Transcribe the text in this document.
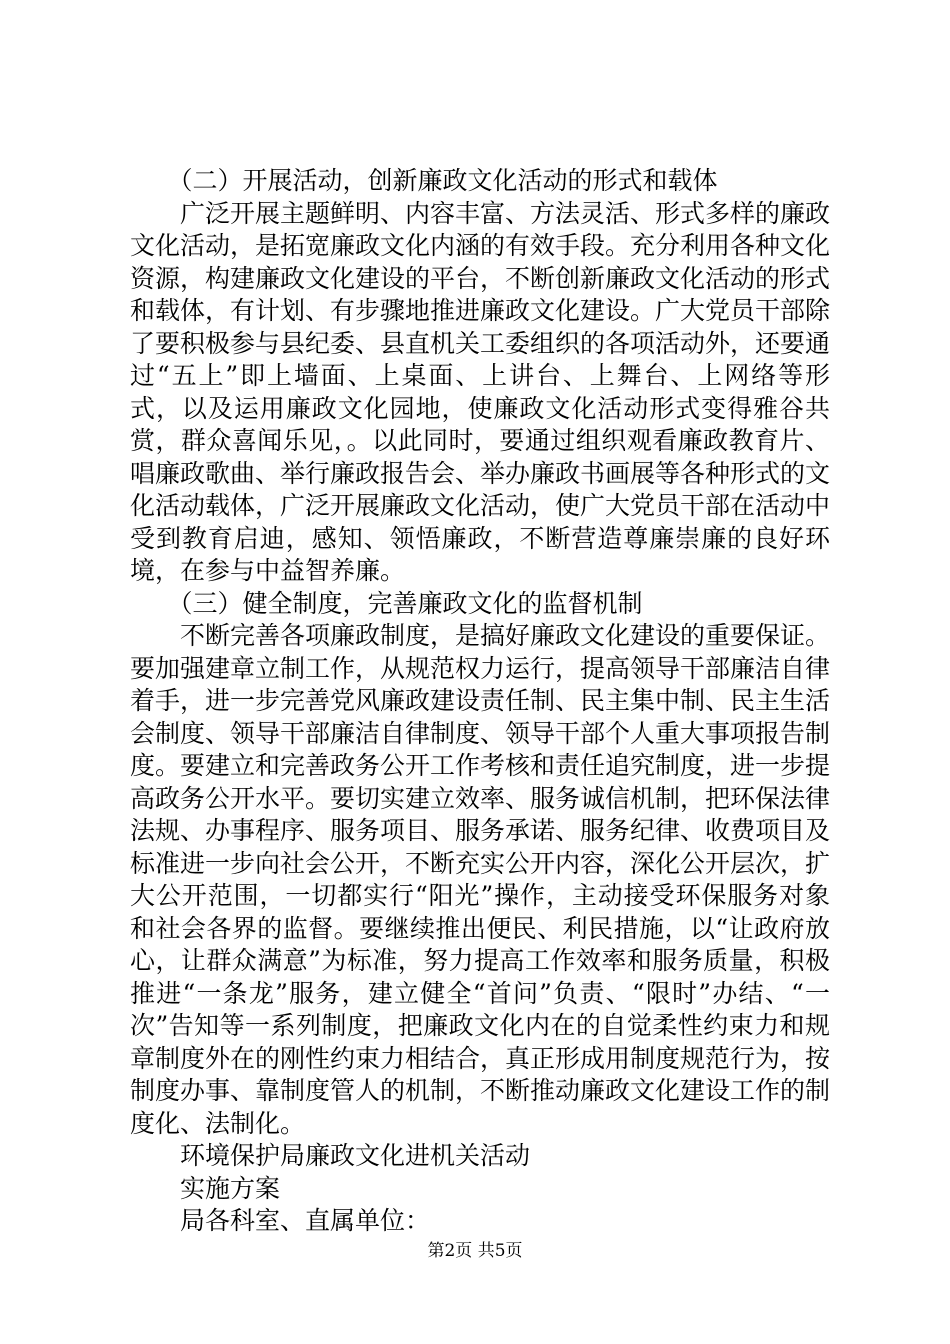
（二）开展活动，创新廉政文化活动的形式和载体

广泛开展主题鲜明、内容丰富、方法灵活、形式多样的廉政文化活动，是拓宽廉政文化内涵的有效手段。充分利用各种文化资源，构建廉政文化建设的平台，不断创新廉政文化活动的形式和载体，有计划、有步骤地推进廉政文化建设。广大党员干部除了要积极参与县纪委、县直机关工委组织的各项活动外，还要通过“五上”即上墙面、上桌面、上讲台、上舞台、上网络等形式，以及运用廉政文化园地，使廉政文化活动形式变得雅谷共赏，群众喜闻乐见，。以此同时，要通过组织观看廉政教育片、唱廉政歌曲、举行廉政报告会、举办廉政书画展等各种形式的文化活动载体，广泛开展廉政文化活动，使广大党员干部在活动中受到教育启迪，感知、领悟廉政，不断营造尊廉崇廉的良好环境，在参与中益智养廉。

（三）健全制度，完善廉政文化的监督机制

不断完善各项廉政制度，是搞好廉政文化建设的重要保证。要加强建章立制工作，从规范权力运行，提高领导干部廉洁自律着手，进一步完善党风廉政建设责任制、民主集中制、民主生活会制度、领导干部廉洁自律制度、领导干部个人重大事项报告制度。要建立和完善政务公开工作考核和责任追究制度，进一步提高政务公开水平。要切实建立效率、服务诚信机制，把环保法律法规、办事程序、服务项目、服务承诺、服务纪律、收费项目及标准进一步向社会公开，不断充实公开内容，深化公开层次，扩大公开范围，一切都实行“阳光”操作，主动接受环保服务对象和社会各界的监督。要继续推出便民、利民措施，以“让政府放心，让群众满意”为标准，努力提高工作效率和服务质量，积极推进“一条龙”服务，建立健全“首问”负责、“限时”办结、“一次”告知等一系列制度，把廉政文化内在的自觉柔性约束力和规章制度外在的刚性约束力相结合，真正形成用制度规范行为，按制度办事、靠制度管人的机制，不断推动廉政文化建设工作的制度化、法制化。

环境保护局廉政文化进机关活动

实施方案

局各科室、直属单位：

第2页 共5页
